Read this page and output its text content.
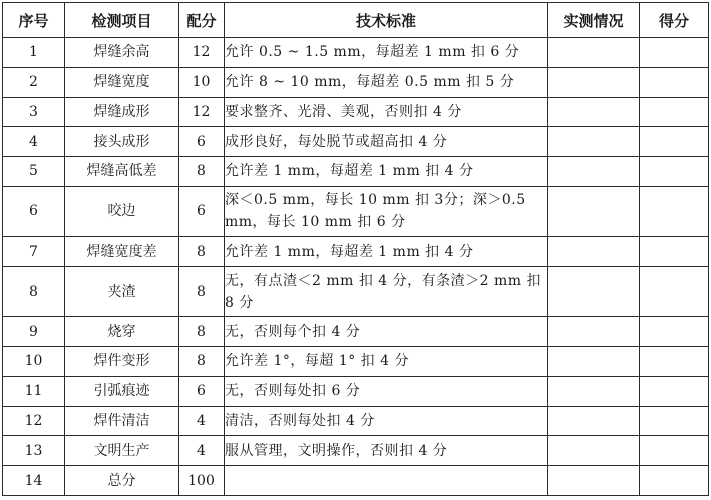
序号	检测项目	配分	技术标准	实测情况	得分
1	焊缝余高	12	允许 0.5 ~ 1.5 mm，每超差 1 mm 扣 6 分		
2	焊缝宽度	10	允许 8 ~ 10 mm，每超差 0.5 mm 扣 5 分		
3	焊缝成形	12	要求整齐、光滑、美观，否则扣 4 分		
4	接头成形	6	成形良好，每处脱节或超高扣 4 分		
5	焊缝高低差	8	允许差 1 mm，每超差 1 mm 扣 4 分		
6	咬边	6	深＜0.5 mm，每长 10 mm 扣 3分；深＞0.5 mm，每长 10 mm 扣 6 分		
7	焊缝宽度差	8	允许差 1 mm，每超差 1 mm 扣 4 分		
8	夹渣	8	无，有点渣＜2 mm 扣 4 分，有条渣＞2 mm 扣 8 分		
9	烧穿	8	无，否则每个扣 4 分		
10	焊件变形	8	允许差 1°，每超 1° 扣 4 分		
11	引弧痕迹	6	无，否则每处扣 6 分		
12	焊件清洁	4	清洁，否则每处扣 4 分		
13	文明生产	4	服从管理，文明操作，否则扣 4 分		
14	总分	100			
